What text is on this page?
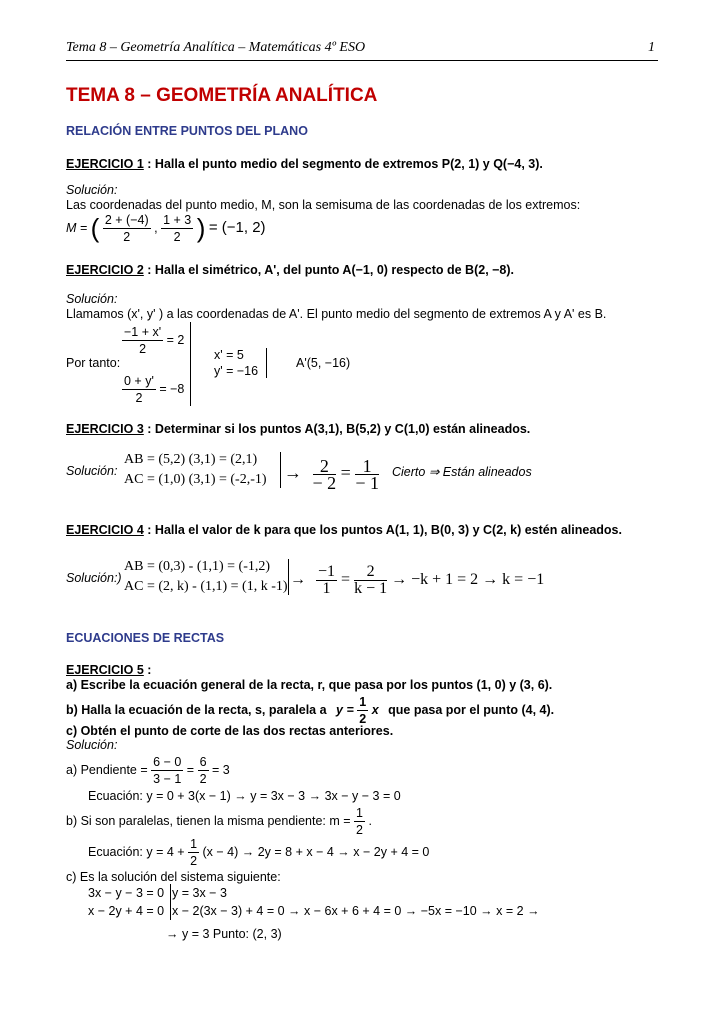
Tema 8 – Geometría Analítica – Matemáticas 4º ESO	1
TEMA 8 – GEOMETRÍA ANALÍTICA
RELACIÓN ENTRE PUNTOS DEL PLANO
EJERCICIO 1 : Halla el punto medio del segmento de extremos P(2, 1) y Q(−4, 3).
Solución:
Las coordenadas del punto medio, M, son la semisuma de las coordenadas de los extremos:
M = ( $\frac{2 + (-4)}{2}$ , $\frac{1 + 3}{2}$ ) = (−1, 2)
EJERCICIO 2 : Halla el simétrico, A', del punto A(−1, 0) respecto de B(2, −8).
Solución:
Llamamos (x', y' ) a las coordenadas de A'. El punto medio del segmento de extremos A y A' es B.
$\frac{-1 + x'}{2} = 2$
Por tanto:
x' = 5
y' = −16
A'(5, −16)
$\frac{0 + y'}{2} = -8$
EJERCICIO 3 : Determinar si los puntos A(3,1), B(5,2) y C(1,0) están alineados.
Solución:
AB = (5,2) (3,1) = (2,1)
AC = (1,0) $(3,1) = (-2,-1) \to \frac{2}{- 2} = \frac{1}{- 1}$ Cierto ⇒ Están alineados
EJERCICIO 4 : Halla el valor de k para que los puntos A(1, 1), B(0, 3) y C(2, k) estén alineados.
Solución:)
AB = (0,3) - (1,1) = (-1,2)
AC = (2, k) - (1,1) = (1, k $-1) \to \frac{-1}{1} = \frac{2}{k - 1} \to -k + 1 = 2 \to k = -1$
ECUACIONES DE RECTAS
EJERCICIO 5 :
a) Escribe la ecuación general de la recta, r, que pasa por los puntos (1, 0) y (3, 6).
b) Halla la ecuación de la recta, s, paralela a $y = \frac{1}{2}$ x que pasa por el punto (4, 4).
c) Obtén el punto de corte de las dos rectas anteriores.
Solución:
a) Pendiente = $\frac{6 - 0}{3 - 1} = \frac{6}{2} = 3$
Ecuación: y = 0 + 3(x − 1) → y = 3x − 3 → 3x − y − 3 = 0
b) Si son paralelas, tienen la misma pendiente: $m = \frac{1}{2}$ .
Ecuación: $y = 4 + \frac{1}{2} (x - 4) \to 2y = 8 + x - 4 \to x - 2y + 4 = 0$
c) Es la solución del sistema siguiente:
3x − y − 3 = 0
x − 2y + 4 = 0
y = 3x − 3
x − 2(3x − 3) + 4 = 0 → x − 6x + 6 + 4 = 0 → −5x = −10 → x = 2 →
→ y = 3 Punto: (2, 3)
